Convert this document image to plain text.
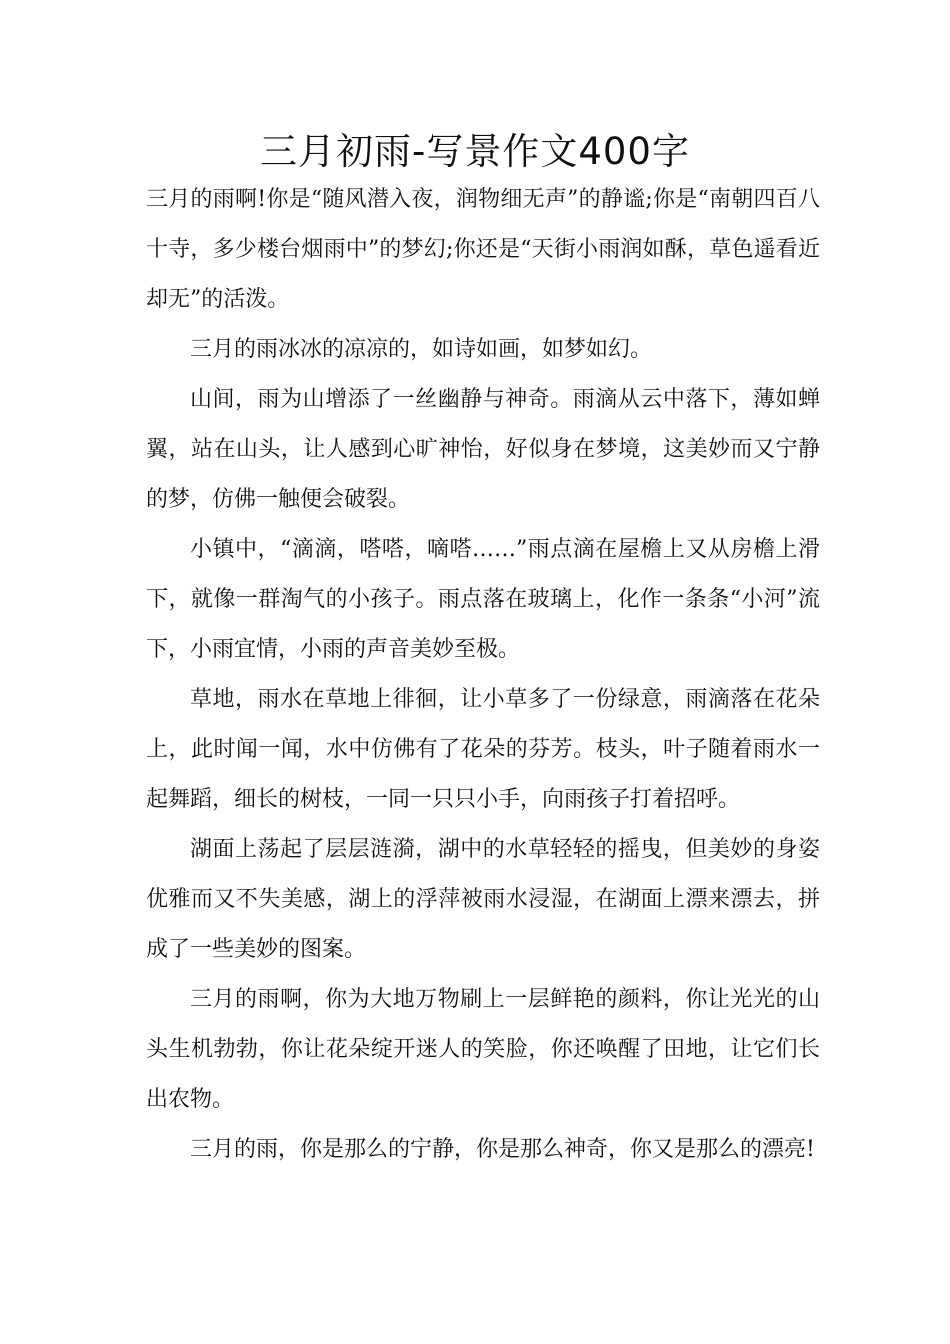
三月初雨-写景作文400字

三月的雨啊!你是“随风潜入夜，润物细无声”的静谧;你是“南朝四百八十寺，多少楼台烟雨中”的梦幻;你还是“天街小雨润如酥，草色遥看近却无”的活泼。

三月的雨冰冰的凉凉的，如诗如画，如梦如幻。

山间，雨为山增添了一丝幽静与神奇。雨滴从云中落下，薄如蝉翼，站在山头，让人感到心旷神怡，好似身在梦境，这美妙而又宁静的梦，仿佛一触便会破裂。

小镇中，“滴滴，嗒嗒，嘀嗒……”雨点滴在屋檐上又从房檐上滑下，就像一群淘气的小孩子。雨点落在玻璃上，化作一条条“小河”流下，小雨宜情，小雨的声音美妙至极。

草地，雨水在草地上徘徊，让小草多了一份绿意，雨滴落在花朵上，此时闻一闻，水中仿佛有了花朵的芬芳。枝头，叶子随着雨水一起舞蹈，细长的树枝，一同一只只小手，向雨孩子打着招呼。

湖面上荡起了层层涟漪，湖中的水草轻轻的摇曳，但美妙的身姿优雅而又不失美感，湖上的浮萍被雨水浸湿，在湖面上漂来漂去，拼成了一些美妙的图案。

三月的雨啊，你为大地万物刷上一层鲜艳的颜料，你让光光的山头生机勃勃，你让花朵绽开迷人的笑脸，你还唤醒了田地，让它们长出农物。

三月的雨，你是那么的宁静，你是那么神奇，你又是那么的漂亮!
